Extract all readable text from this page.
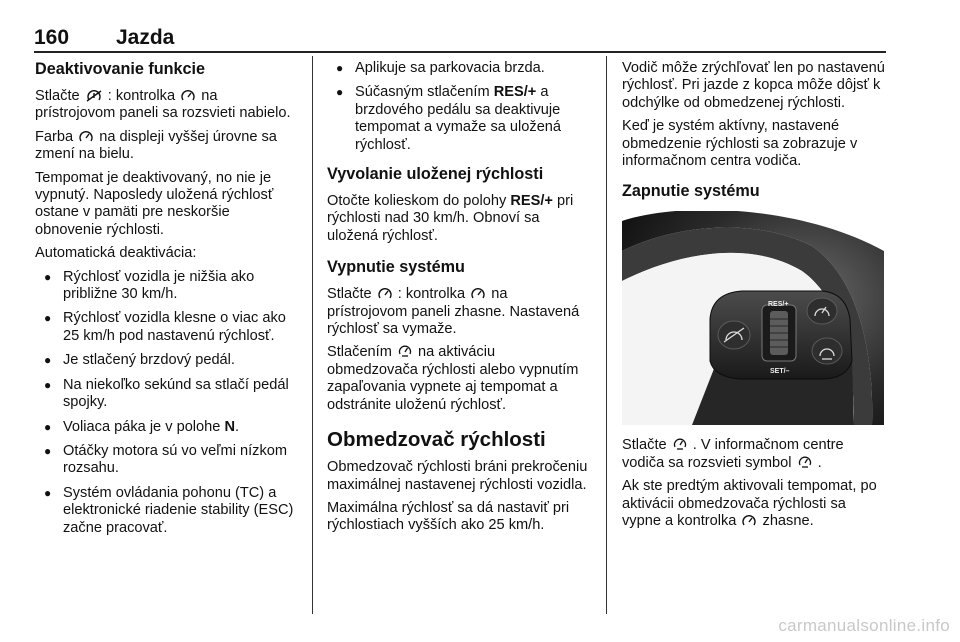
160 Jazda
Deaktivovanie funkcie

Stlačte : kontrolka
na prístrojovom paneli sa rozsvieti nabielo.

Farba
na displeji vyššej úrovne sa zmení na bielu.

Tempomat je deaktivovaný, no nie je vypnutý. Naposledy uložená rýchlosť ostane v pamäti pre neskoršie obnovenie rýchlosti.

Automatická deaktivácia:

● Rýchlosť vozidla je nižšia ako približne 30 km/h.
● Rýchlosť vozidla klesne o viac ako 25 km/h pod nastavenú rýchlosť.
● Je stlačený brzdový pedál.
● Na niekoľko sekúnd sa stlačí pedál spojky.
● Voliaca páka je v polohe N.
● Otáčky motora sú vo veľmi nízkom rozsahu.
● Systém ovládania pohonu (TC) a elektronické riadenie stability (ESC) začne pracovať.
● Aplikuje sa parkovacia brzda.
● Súčasným stlačením RES/+ a brzdového pedálu sa deaktivuje tempomat a vymaže sa uložená rýchlosť.
Vyvolanie uloženej rýchlosti

Otočte kolieskom do polohy RES/+ pri rýchlosti nad 30 km/h. Obnoví sa uložená rýchlosť.

Vypnutie systému

Stlačte : kontrolka
na prístrojovom paneli zhasne. Nastavená rýchlosť sa vymaže.

Stlačením
na aktiváciu obmedzovača rýchlosti alebo vypnutím zapaľovania vypnete aj tempomat a odstránite uloženú rýchlosť.

Obmedzovač rýchlosti

Obmedzovač rýchlosti bráni prekročeniu maximálnej nastavenej rýchlosti vozidla.

Maximálna rýchlosť sa dá nastaviť pri rýchlostiach vyšších ako 25 km/h.

Vodič môže zrýchľovať len po nastavenú rýchlosť. Pri jazde z kopca môže dôjsť k odchýlke od obmedzenej rýchlosti.

Keď je systém aktívny, nastavené obmedzenie rýchlosti sa zobrazuje v informačnom centra vodiča.

Zapnutie systému
RES/+
SET/–

Stlačte . V informačnom centre vodiča sa rozsvieti symbol .

Ak ste predtým aktivovali tempomat, po aktivácii obmedzovača rýchlosti sa vypne a kontrolka
zhasne.

carmanualsonline.info
